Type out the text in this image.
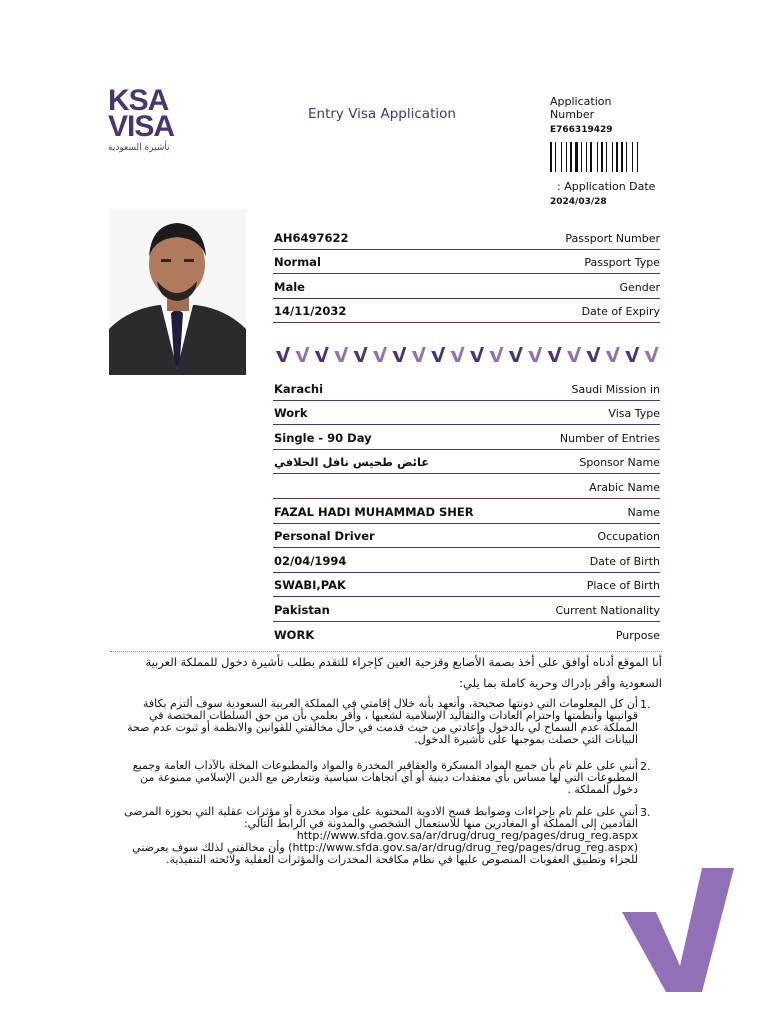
KSA
VISA
تأشيرة السعودية
Entry Visa Application
Application
Number
E766319429
: Application Date
2024/03/28
AH6497622	Passport Number
Normal	Passport Type
Male	Gender
14/11/2032	Date of Expiry
Karachi	Saudi Mission in
Work	Visa Type
Single - 90 Day	Number of Entries
عائض طحيس نافل الحلافي	Sponsor Name
Arabic Name
FAZAL HADI MUHAMMAD SHER	Name
Personal Driver	Occupation
02/04/1994	Date of Birth
SWABI,PAK	Place of Birth
Pakistan	Current Nationality
WORK	Purpose
أنا الموقع أدناه أوافق على أخذ بصمة الأصابع وقزحية العين كإجراء للتقدم بطلب تأشيرة دخول للمملكة العربية
السعودية وأقر بإدراك وحرية كاملة بما يلي:
1.
أن كل المعلومات التي دونتها صحيحة، وأتعهد بأنه خلال إقامتي في المملكة العربية السعودية سوف ألتزم بكافة قوانينها وأنظمتها واحترام العادات والتقاليد الإسلامية لشعبها ، وأقر بعلمي بأن من حق السلطات المختصة في المملكة عدم السماح لي بالدخول وإعادتي من حيث قدمت في حال مخالفتي للقوانين والانظمة أو ثبوت عدم صحة البيانات التي حصلت بموجبها على تأشيرة الدخول.
2.
أنني على علم تام بأن جميع المواد المسكرة والعقاقير المخدرة والمواد والمطبوعات المخلة بالآداب العامة وجميع المطبوعات التي لها مساس بأي معتقدات دينية أو أي اتجاهات سياسية وتتعارض مع الدين الإسلامي ممنوعة من دخول المملكة .
3.
أنني على علم تام بإجراءات وضوابط فسح الادوية المحتوية على مواد مخدرة أو مؤثرات عقلية التي بحوزة المرضى القادمين إلى المملكة أو المغادرين منها للاستعمال الشخصي والمدونة في الرابط التالي: http://www.sfda.gov.sa/ar/drug/drug_reg/pages/drug_reg.aspx (http://www.sfda.gov.sa/ar/drug/drug_reg/pages/drug_reg.aspx) وأن مخالفتي لذلك سوف يعرضني للجزاء وتطبيق العقوبات المنصوص عليها في نظام مكافحة المخدرات والمؤثرات العقلية ولائحته التنفيذية.
